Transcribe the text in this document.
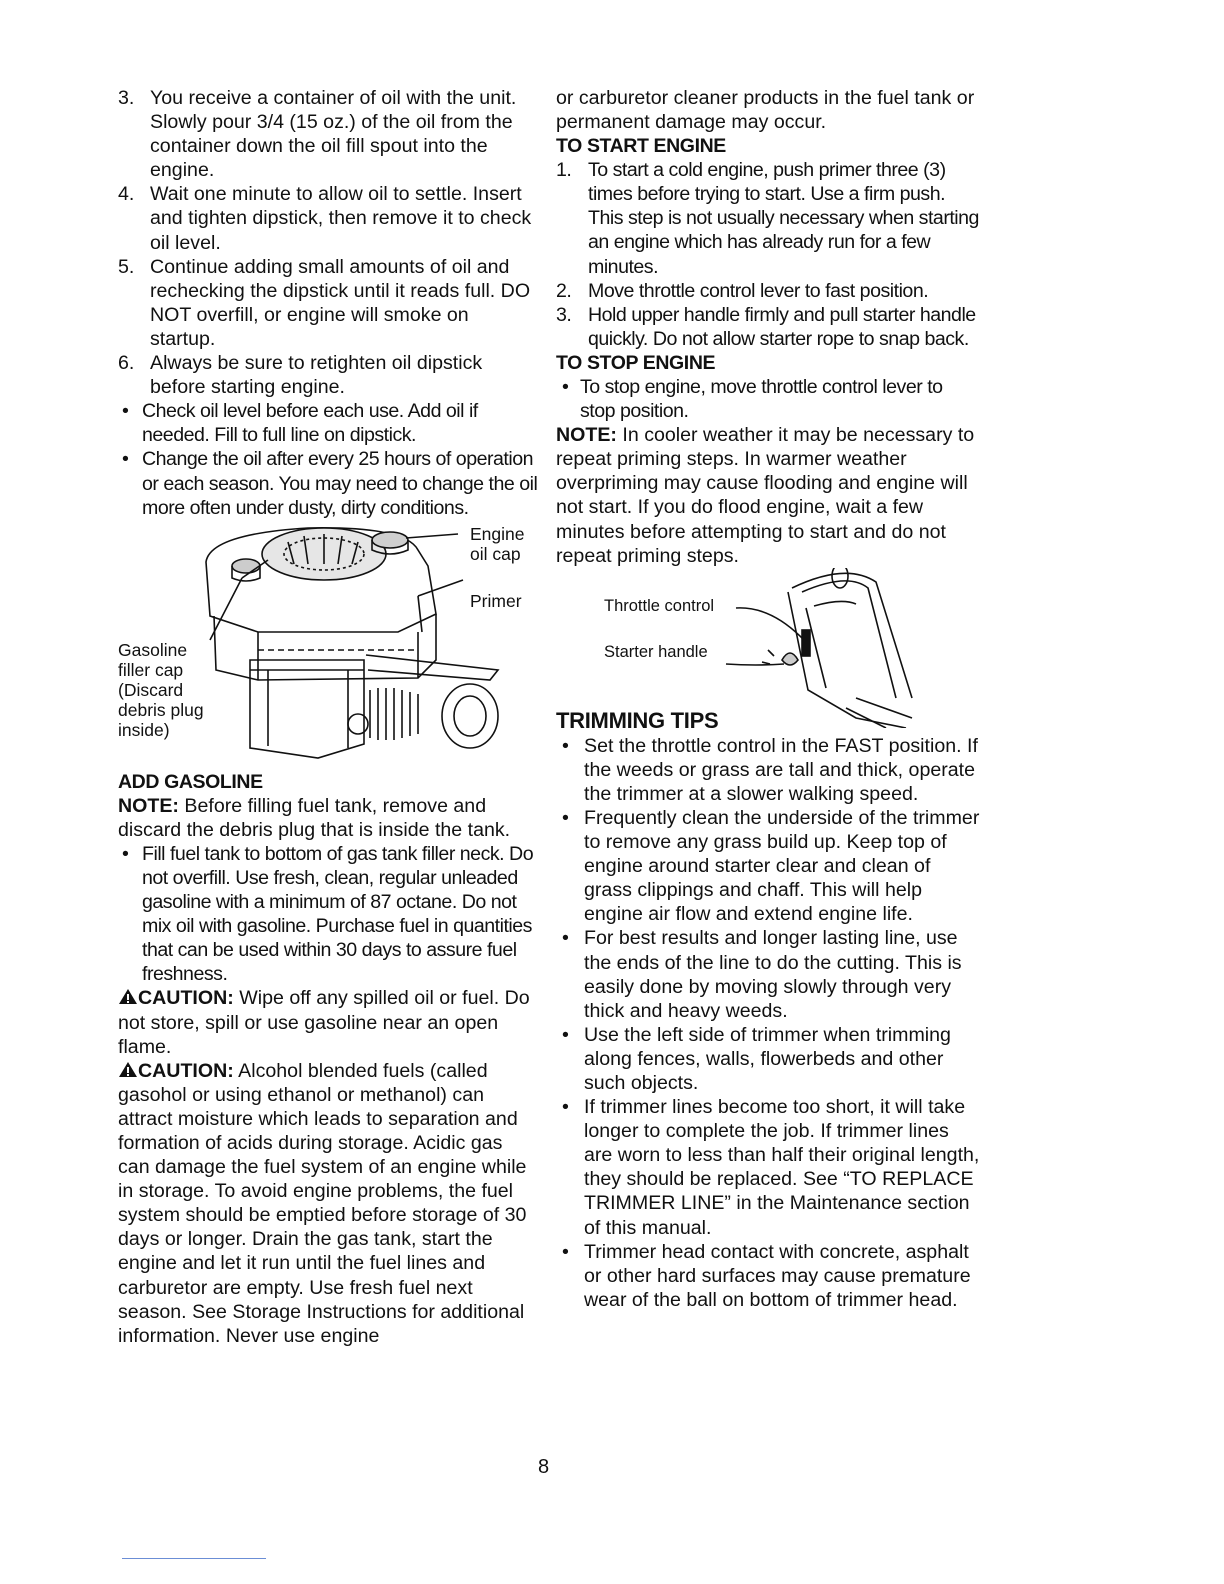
3. You receive a container of oil with the unit. Slowly pour 3/4 (15 oz.) of the oil from the container down the oil fill spout into the engine.

4. Wait one minute to allow oil to settle. Insert and tighten dipstick, then remove it to check oil level.

5. Continue adding small amounts of oil and rechecking the dipstick until it reads full. DO NOT overfill, or engine will smoke on startup.

6. Always be sure to retighten oil dipstick before starting engine.

• Check oil level before each use. Add oil if needed. Fill to full line on dipstick.

• Change the oil after every 25 hours of operation or each season. You may need to change the oil more often under dusty, dirty conditions.

Engine oil cap
Primer
Gasoline filler cap (Discard debris plug inside)
ADD GASOLINE

NOTE: Before filling fuel tank, remove and discard the debris plug that is inside the tank.

• Fill fuel tank to bottom of gas tank filler neck. Do not overfill. Use fresh, clean, regular unleaded gasoline with a minimum of 87 octane. Do not mix oil with gasoline. Purchase fuel in quantities that can be used within 30 days to assure fuel freshness.

CAUTION: Wipe off any spilled oil or fuel. Do not store, spill or use gasoline near an open flame.

CAUTION: Alcohol blended fuels (called gasohol or using ethanol or methanol) can attract moisture which leads to separation and formation of acids during storage. Acidic gas can damage the fuel system of an engine while in storage. To avoid engine problems, the fuel system should be emptied before storage of 30 days or longer. Drain the gas tank, start the engine and let it run until the fuel lines and carburetor are empty. Use fresh fuel next season. See Storage Instructions for additional information. Never use engine

or carburetor cleaner products in the fuel tank or permanent damage may occur.

TO START ENGINE
1. To start a cold engine, push primer three (3) times before trying to start. Use a firm push. This step is not usually necessary when starting an engine which has already run for a few minutes.

2. Move throttle control lever to fast position.

3. Hold upper handle firmly and pull starter handle quickly. Do not allow starter rope to snap back.

TO STOP ENGINE

• To stop engine, move throttle control lever to stop position.

NOTE: In cooler weather it may be necessary to repeat priming steps. In warmer weather overpriming may cause flooding and engine will not start. If you do flood engine, wait a few minutes before attempting to start and do not repeat priming steps.

Throttle control
Starter handle
TRIMMING TIPS

• Set the throttle control in the FAST position. If the weeds or grass are tall and thick, operate the trimmer at a slower walking speed.

• Frequently clean the underside of the trimmer to remove any grass build up. Keep top of engine around starter clear and clean of grass clippings and chaff. This will help engine air flow and extend engine life.

• For best results and longer lasting line, use the ends of the line to do the cutting. This is easily done by moving slowly through very thick and heavy weeds.

• Use the left side of trimmer when trimming along fences, walls, flowerbeds and other such objects.

• If trimmer lines become too short, it will take longer to complete the job. If trimmer lines are worn to less than half their original length, they should be replaced. See “TO REPLACE TRIMMER LINE” in the Maintenance section of this manual.

• Trimmer head contact with concrete, asphalt or other hard surfaces may cause premature wear of the ball on bottom of trimmer head.

8
